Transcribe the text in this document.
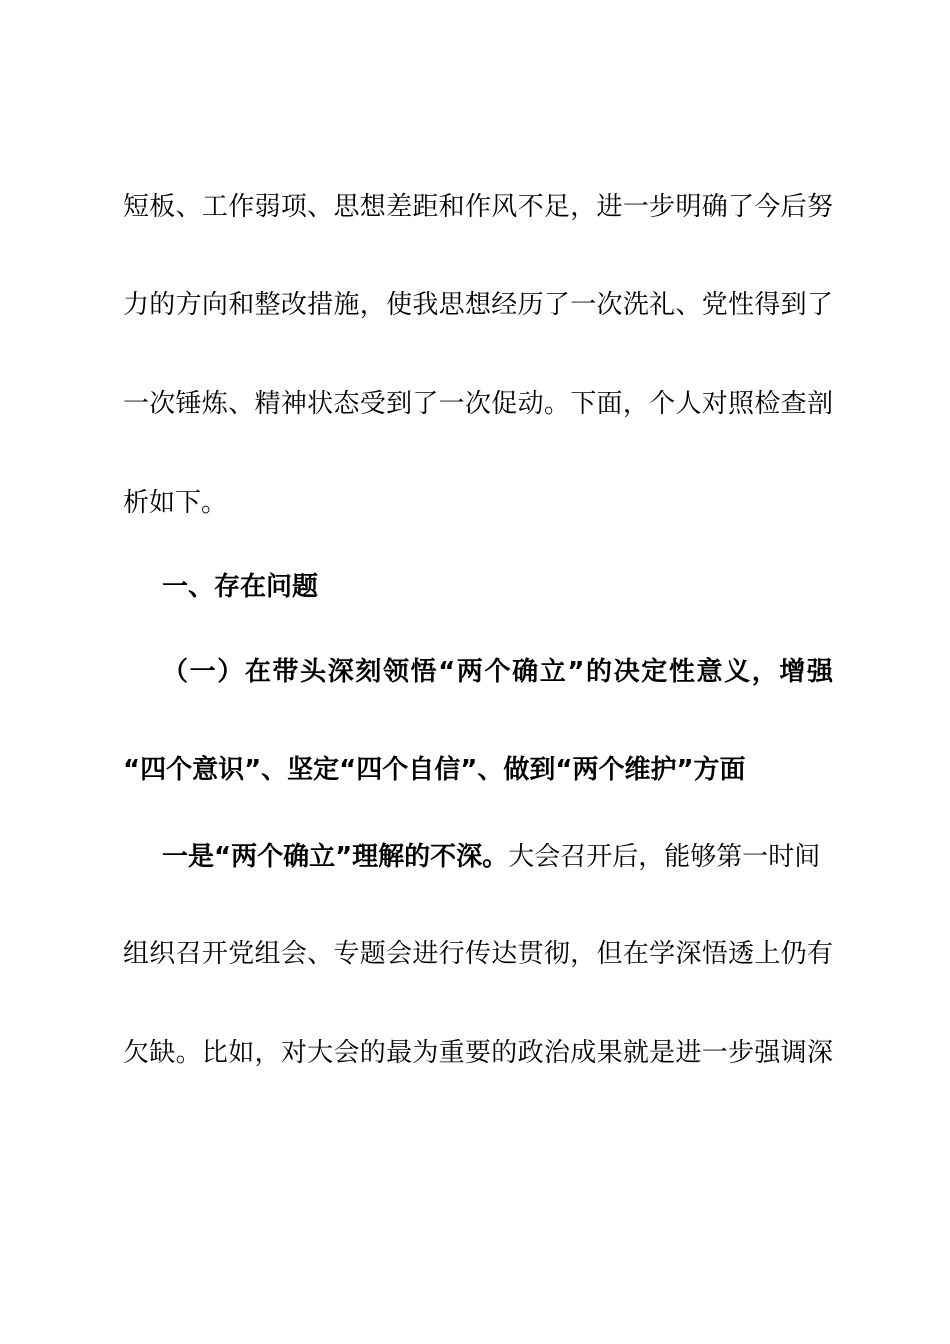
短板、工作弱项、思想差距和作风不足，进一步明确了今后努
力的方向和整改措施，使我思想经历了一次洗礼、党性得到了
一次锤炼、精神状态受到了一次促动。下面，个人对照检查剖
析如下。
一、存在问题
（一）在带头深刻领悟“两个确立”的决定性意义，增强
“四个意识”、坚定“四个自信”、做到“两个维护”方面
一是“两个确立”理解的不深。大会召开后，能够第一时间
组织召开党组会、专题会进行传达贯彻，但在学深悟透上仍有
欠缺。比如，对大会的最为重要的政治成果就是进一步强调深
